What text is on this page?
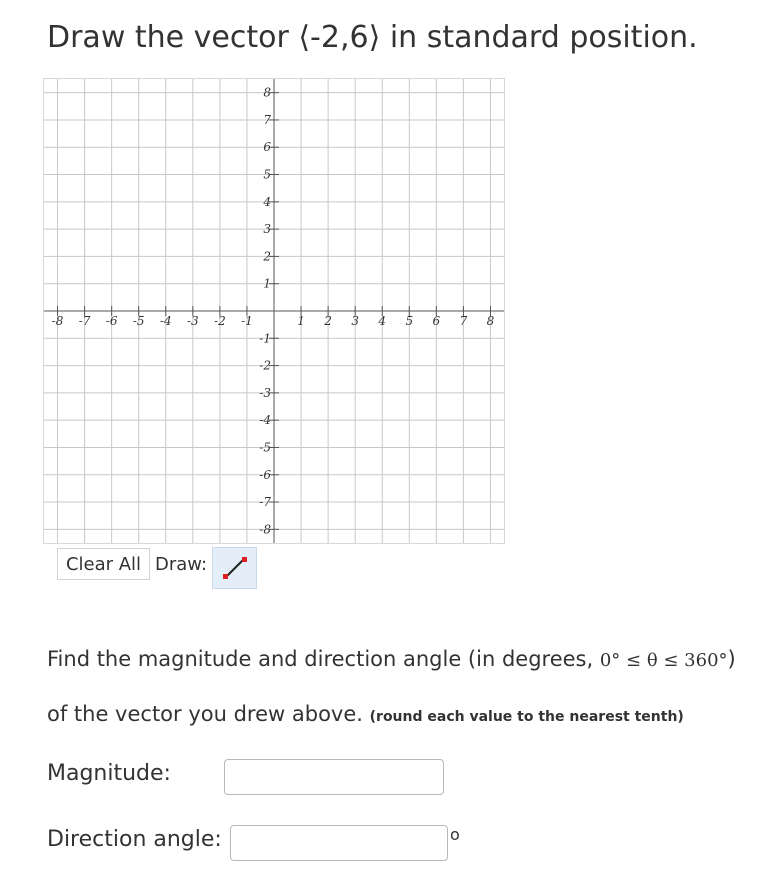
Draw the vector ⟨-2,6⟩ in standard position.
-8 -7 -6 -5 -4 -3 -2 -1	1 2 3 4 5 6 7 8
8
7
6
5
4
3
2
1
-1
-2
-3
-4
-5
-6
-7
-8
Clear All Draw:
Find the magnitude and direction angle (in degrees, 0° ≤ θ ≤ 360°)
of the vector you drew above. (round each value to the nearest tenth)
Magnitude:
Direction angle:	o
